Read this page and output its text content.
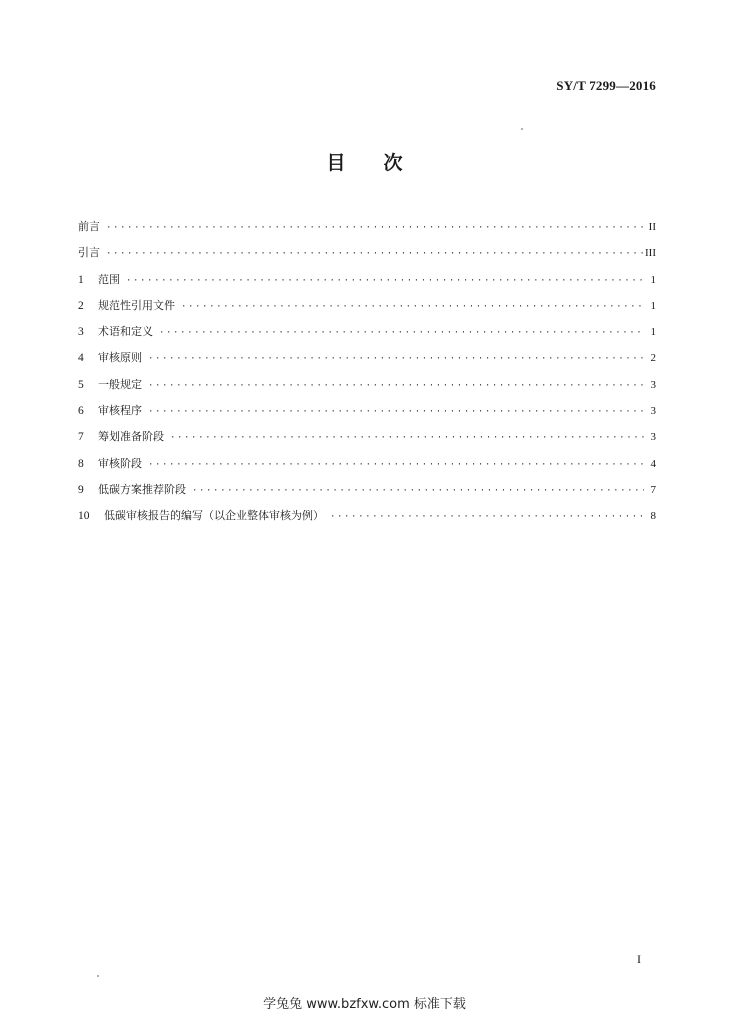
SY/T 7299—2016
目 次
前言 ·····	II
引言 ·····	III
1	范围 ·····	1
2	规范性引用文件 ·····	1
3	术语和定义 ·····	1
4	审核原则 ·····	2
5	一般规定 ·····	3
6	审核程序 ·····	3
7	筹划准备阶段 ·····	3
8	审核阶段 ·····	4
9	低碳方案推荐阶段 ·····	7
10	低碳审核报告的编写（以企业整体审核为例） ·····	8
I
学兔兔 www.bzfxw.com 标准下载
